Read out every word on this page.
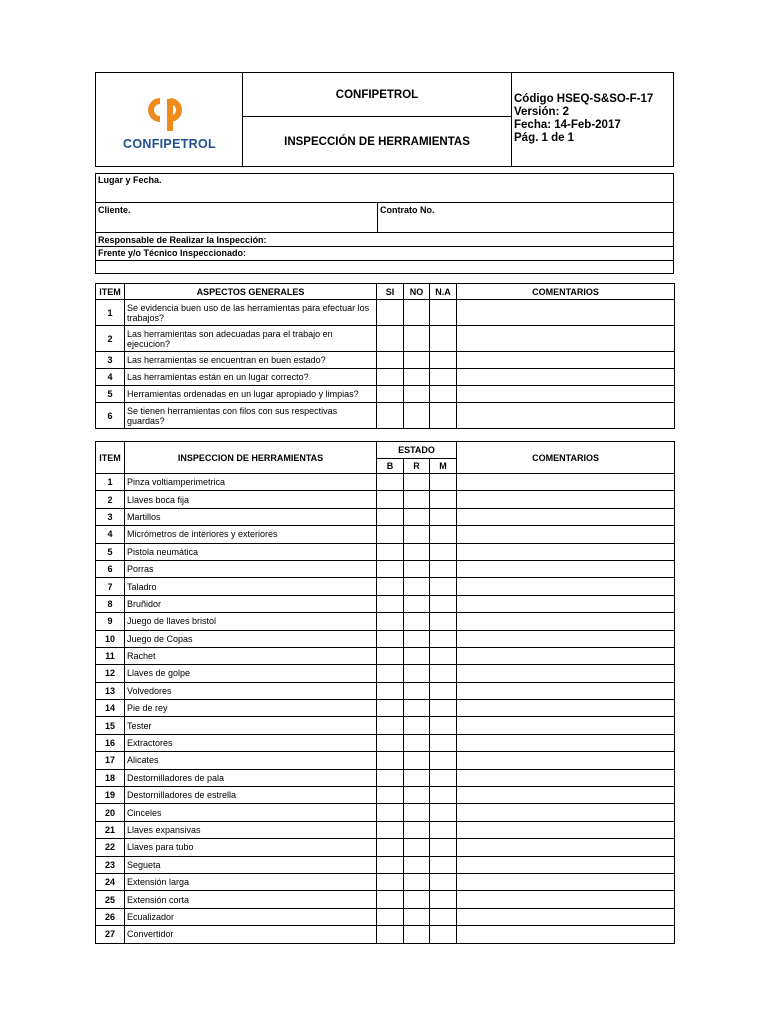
CONFIPETROL
CONFIPETROL
INSPECCIÓN DE HERRAMIENTAS
Código HSEQ-S&SO-F-17
Versión: 2
Fecha: 14-Feb-2017
Pág. 1 de 1
Lugar y Fecha.
Cliente.	Contrato No.
Responsable de Realizar la Inspección:
Frente y/o Técnico Inspeccionado:
ITEM	ASPECTOS GENERALES	SI	NO	N.A	COMENTARIOS
1	Se evidencia buen uso de las herramientas para efectuar los trabajos?				
2	Las herramientas son adecuadas para el trabajo en ejecucion?				
3	Las herramientas se encuentran en buen estado?				
4	Las herramientas están en un lugar correcto?				
5	Herramientas ordenadas en un lugar apropiado y limpias?				
6	Se tienen herramientas con filos con sus respectivas guardas?				
ITEM	INSPECCION DE HERRAMIENTAS	ESTADO			COMENTARIOS
		B	R	M	
1	Pinza voltiamperimetrica				
2	Llaves boca fija				
3	Martillos				
4	Micrómetros de interiores y exteriores				
5	Pistola neumática				
6	Porras				
7	Taladro				
8	Bruñidor				
9	Juego de llaves bristol				
10	Juego de Copas				
11	Rachet				
12	Llaves de golpe				
13	Volvedores				
14	Pie de rey				
15	Tester				
16	Extractores				
17	Alicates				
18	Destornilladores de pala				
19	Destornilladores de estrella				
20	Cinceles				
21	Llaves expansivas				
22	Llaves para tubo				
23	Segueta				
24	Extensión larga				
25	Extensión corta				
26	Ecualizador				
27	Convertidor				
